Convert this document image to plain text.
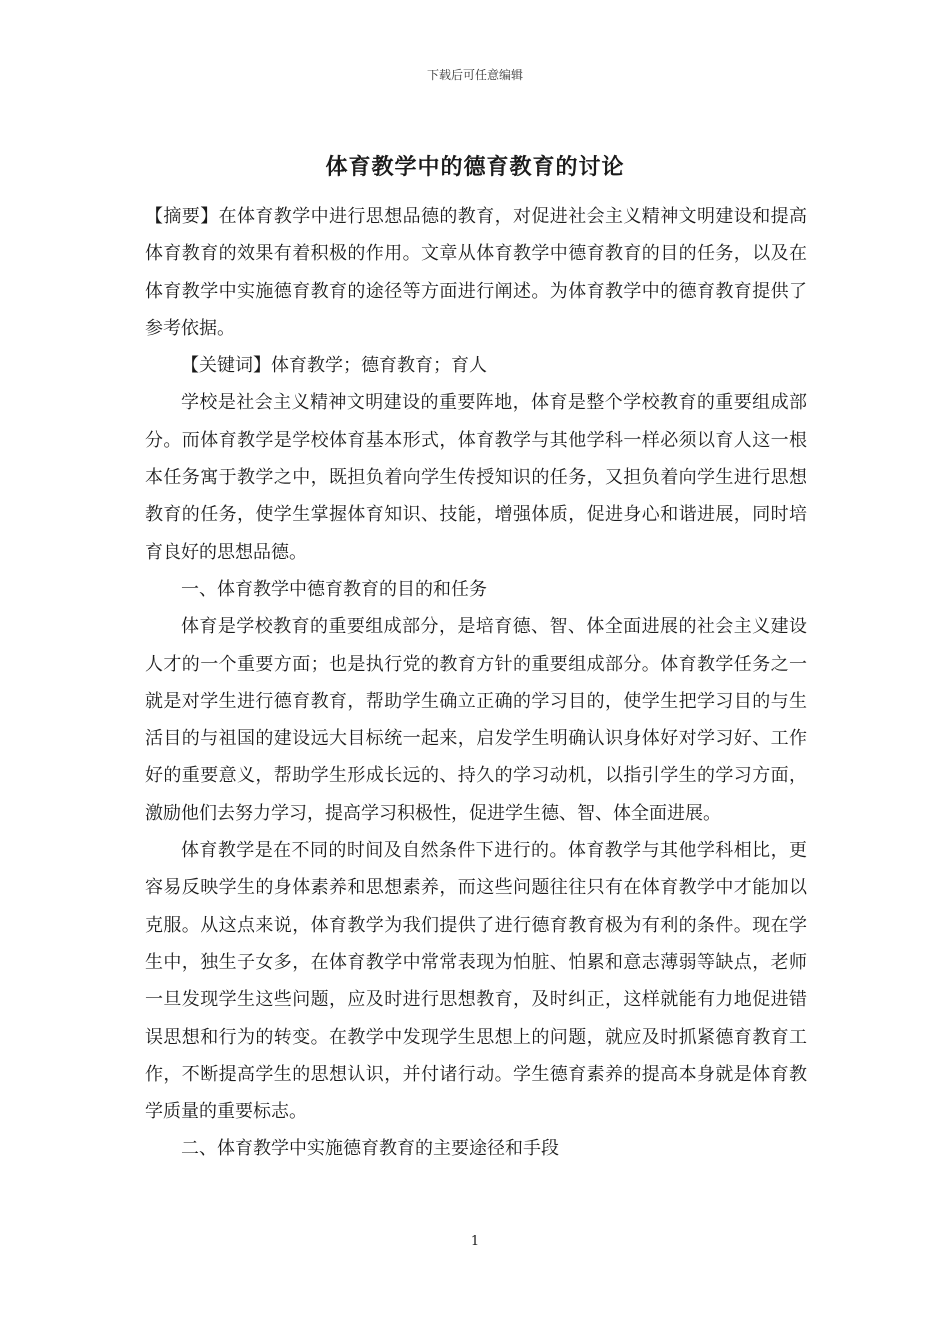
下载后可任意编辑
体育教学中的德育教育的讨论

【摘要】在体育教学中进行思想品德的教育，对促进社会主义精神文明建设和提高体育教育的效果有着积极的作用。文章从体育教学中德育教育的目的任务，以及在体育教学中实施德育教育的途径等方面进行阐述。为体育教学中的德育教育提供了参考依据。

【关键词】体育教学；德育教育；育人

学校是社会主义精神文明建设的重要阵地，体育是整个学校教育的重要组成部分。而体育教学是学校体育基本形式，体育教学与其他学科一样必须以育人这一根本任务寓于教学之中，既担负着向学生传授知识的任务，又担负着向学生进行思想教育的任务，使学生掌握体育知识、技能，增强体质，促进身心和谐进展，同时培育良好的思想品德。

一、体育教学中德育教育的目的和任务

体育是学校教育的重要组成部分，是培育德、智、体全面进展的社会主义建设人才的一个重要方面；也是执行党的教育方针的重要组成部分。体育教学任务之一就是对学生进行德育教育，帮助学生确立正确的学习目的，使学生把学习目的与生活目的与祖国的建设远大目标统一起来，启发学生明确认识身体好对学习好、工作好的重要意义，帮助学生形成长远的、持久的学习动机，以指引学生的学习方面，激励他们去努力学习，提高学习积极性，促进学生德、智、体全面进展。

体育教学是在不同的时间及自然条件下进行的。体育教学与其他学科相比，更容易反映学生的身体素养和思想素养，而这些问题往往只有在体育教学中才能加以克服。从这点来说，体育教学为我们提供了进行德育教育极为有利的条件。现在学生中，独生子女多，在体育教学中常常表现为怕脏、怕累和意志薄弱等缺点，老师一旦发现学生这些问题，应及时进行思想教育，及时纠正，这样就能有力地促进错误思想和行为的转变。在教学中发现学生思想上的问题，就应及时抓紧德育教育工作，不断提高学生的思想认识，并付诸行动。学生德育素养的提高本身就是体育教学质量的重要标志。

二、体育教学中实施德育教育的主要途径和手段

1
